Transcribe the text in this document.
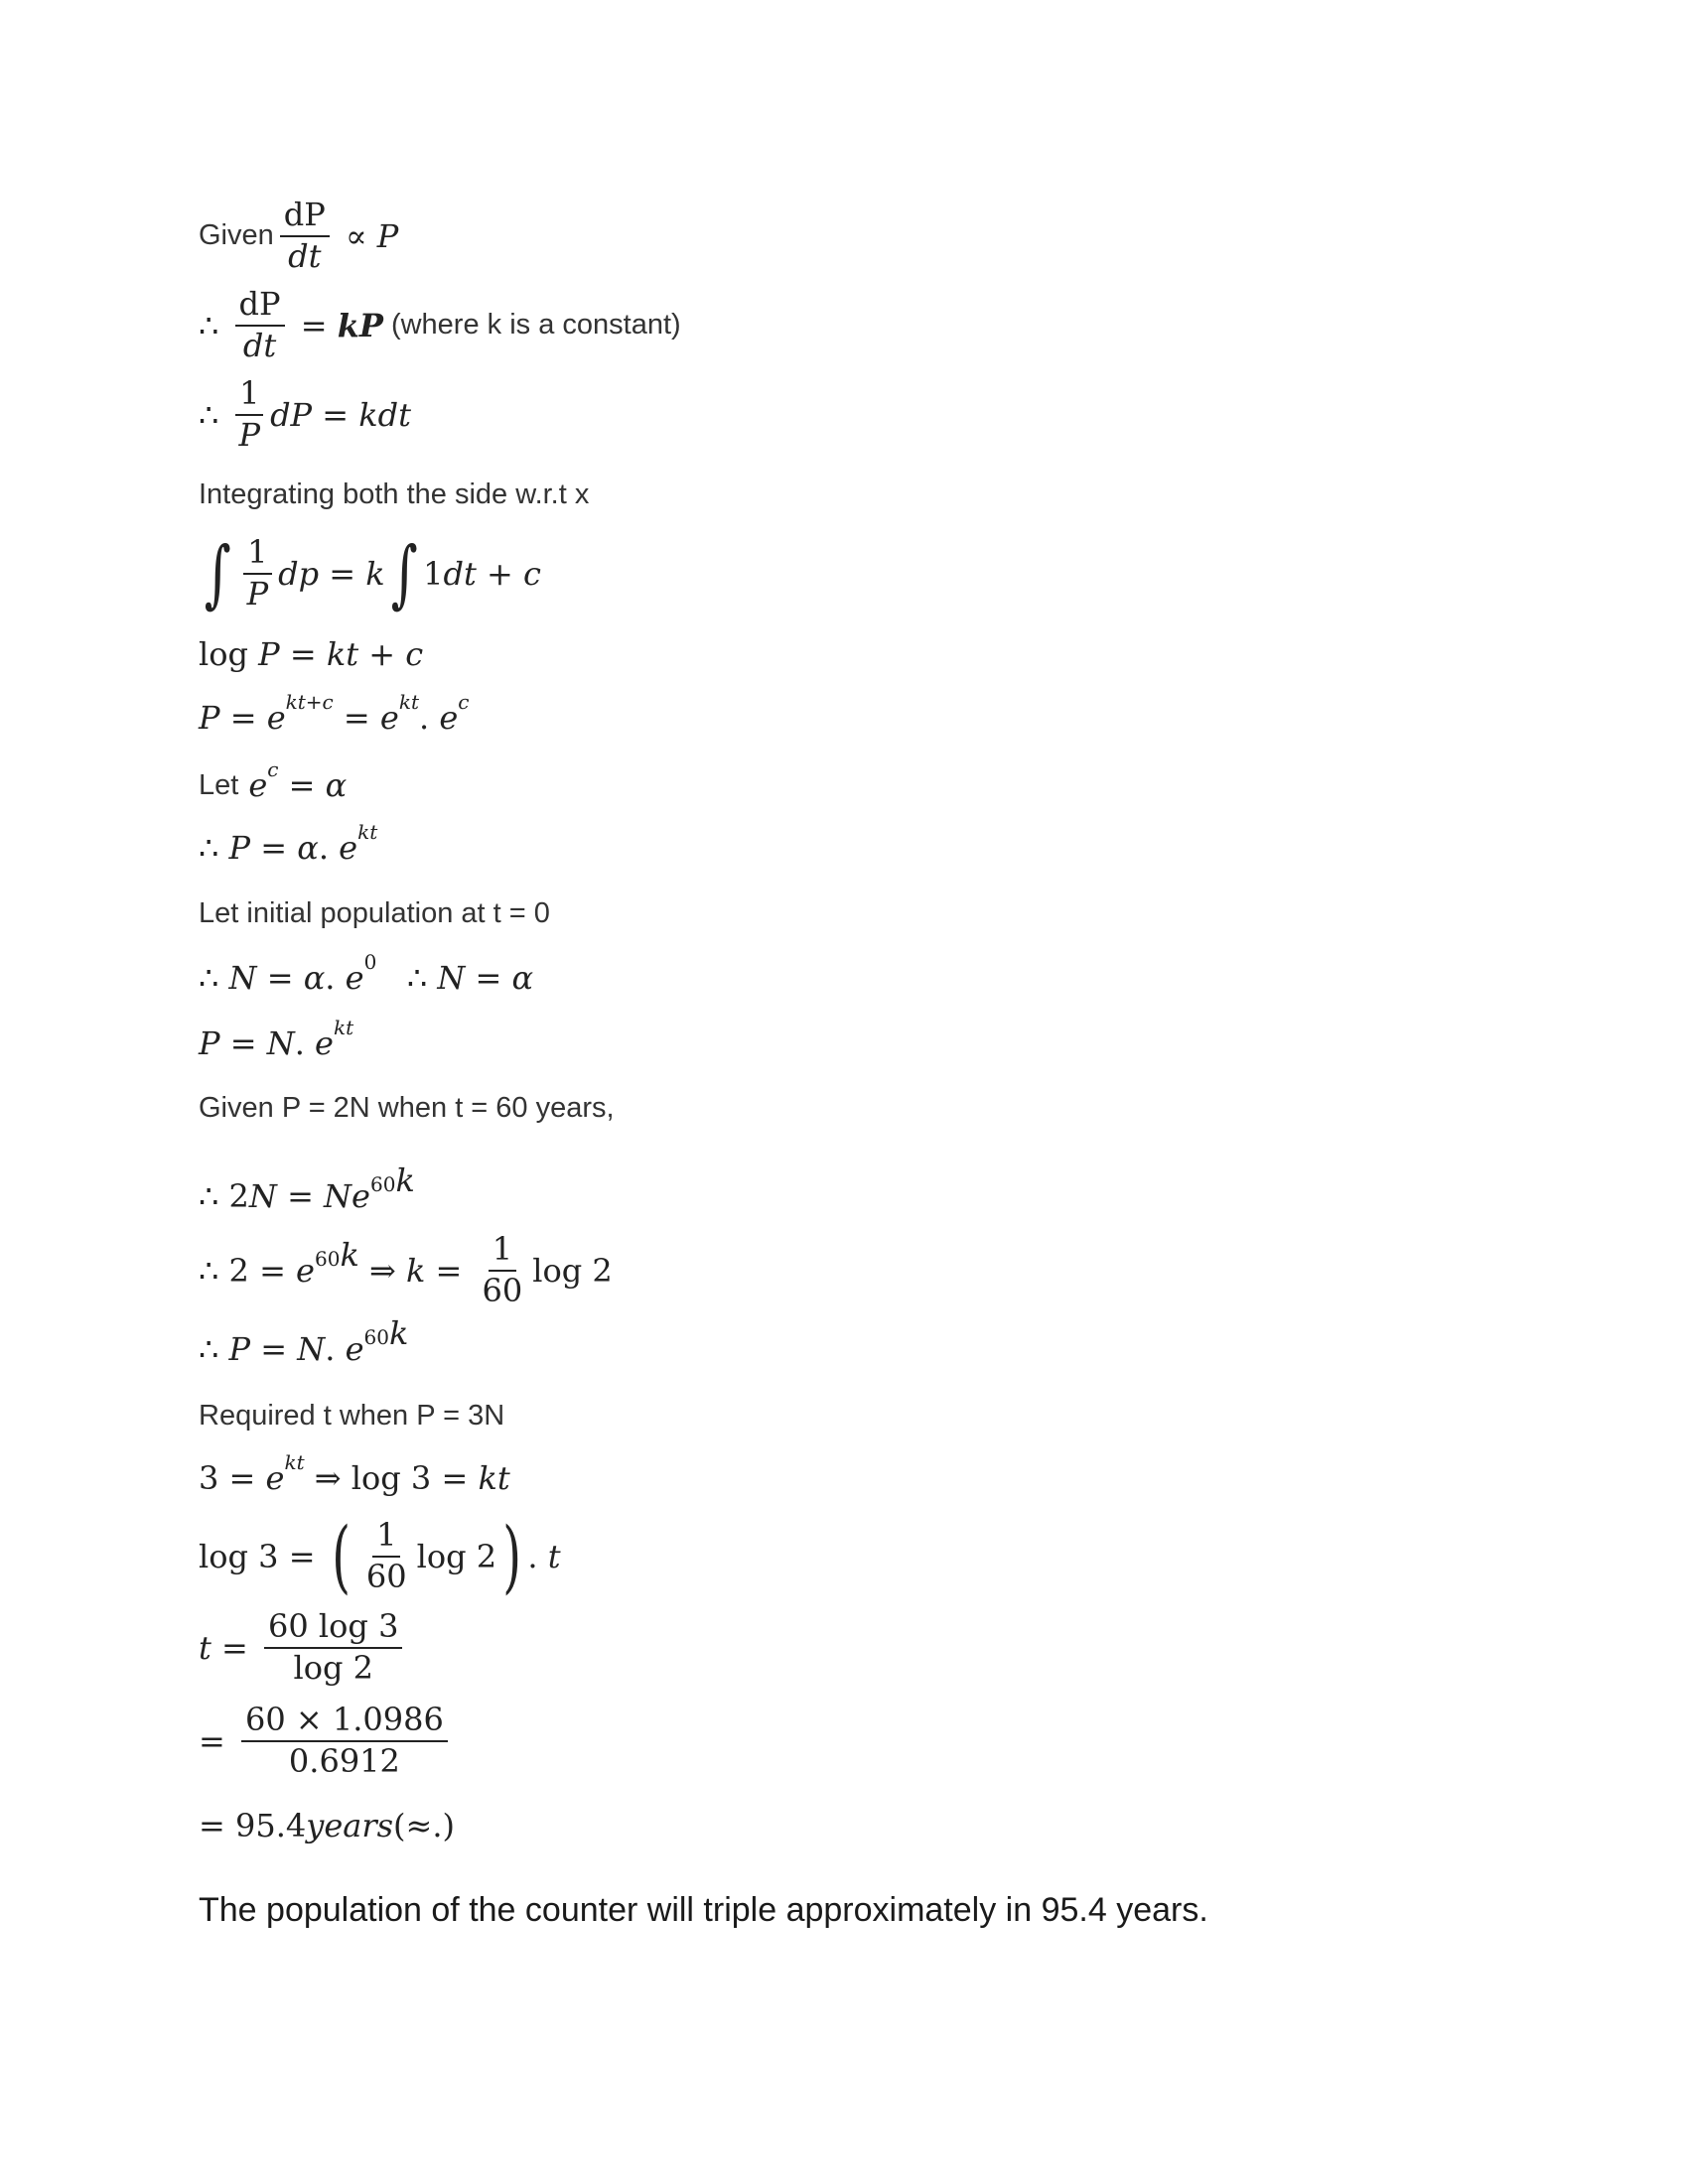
Given $\frac{dP}{dt} \propto P$
∴ $\frac{dP}{dt}$ = kP (where k is a constant)
∴ $\frac{1}{P}$ dP = kdt
Integrating both the side w.r.t x
∫ $\frac{1}{P}$ dp = k ∫ 1 dt + c
log P = kt + c
P = e kt+c = e kt . e c
Let e c = α
∴ P = α . e kt
Let initial population at t = 0
∴ N = α . e 0 ∴ N = α
P = N . e kt
Given P = 2N when t = 60 years,
∴ 2 N = Ne 60k
∴ 2 = e 60k ⇒ $k = \frac{1}{60}$ log 2
∴ P = N . e 60k
Required t when P = 3N
3 = e kt ⇒ log 3 = kt
log 3 = ( $\frac{1}{60}$ log 2 ) . t
$t = \frac{60 \log 3}{\log 2}$
= $\frac{60 \times 1.0986}{0.6912}$
= 95.4 years (≈.)
The population of the counter will triple approximately in 95.4 years.
